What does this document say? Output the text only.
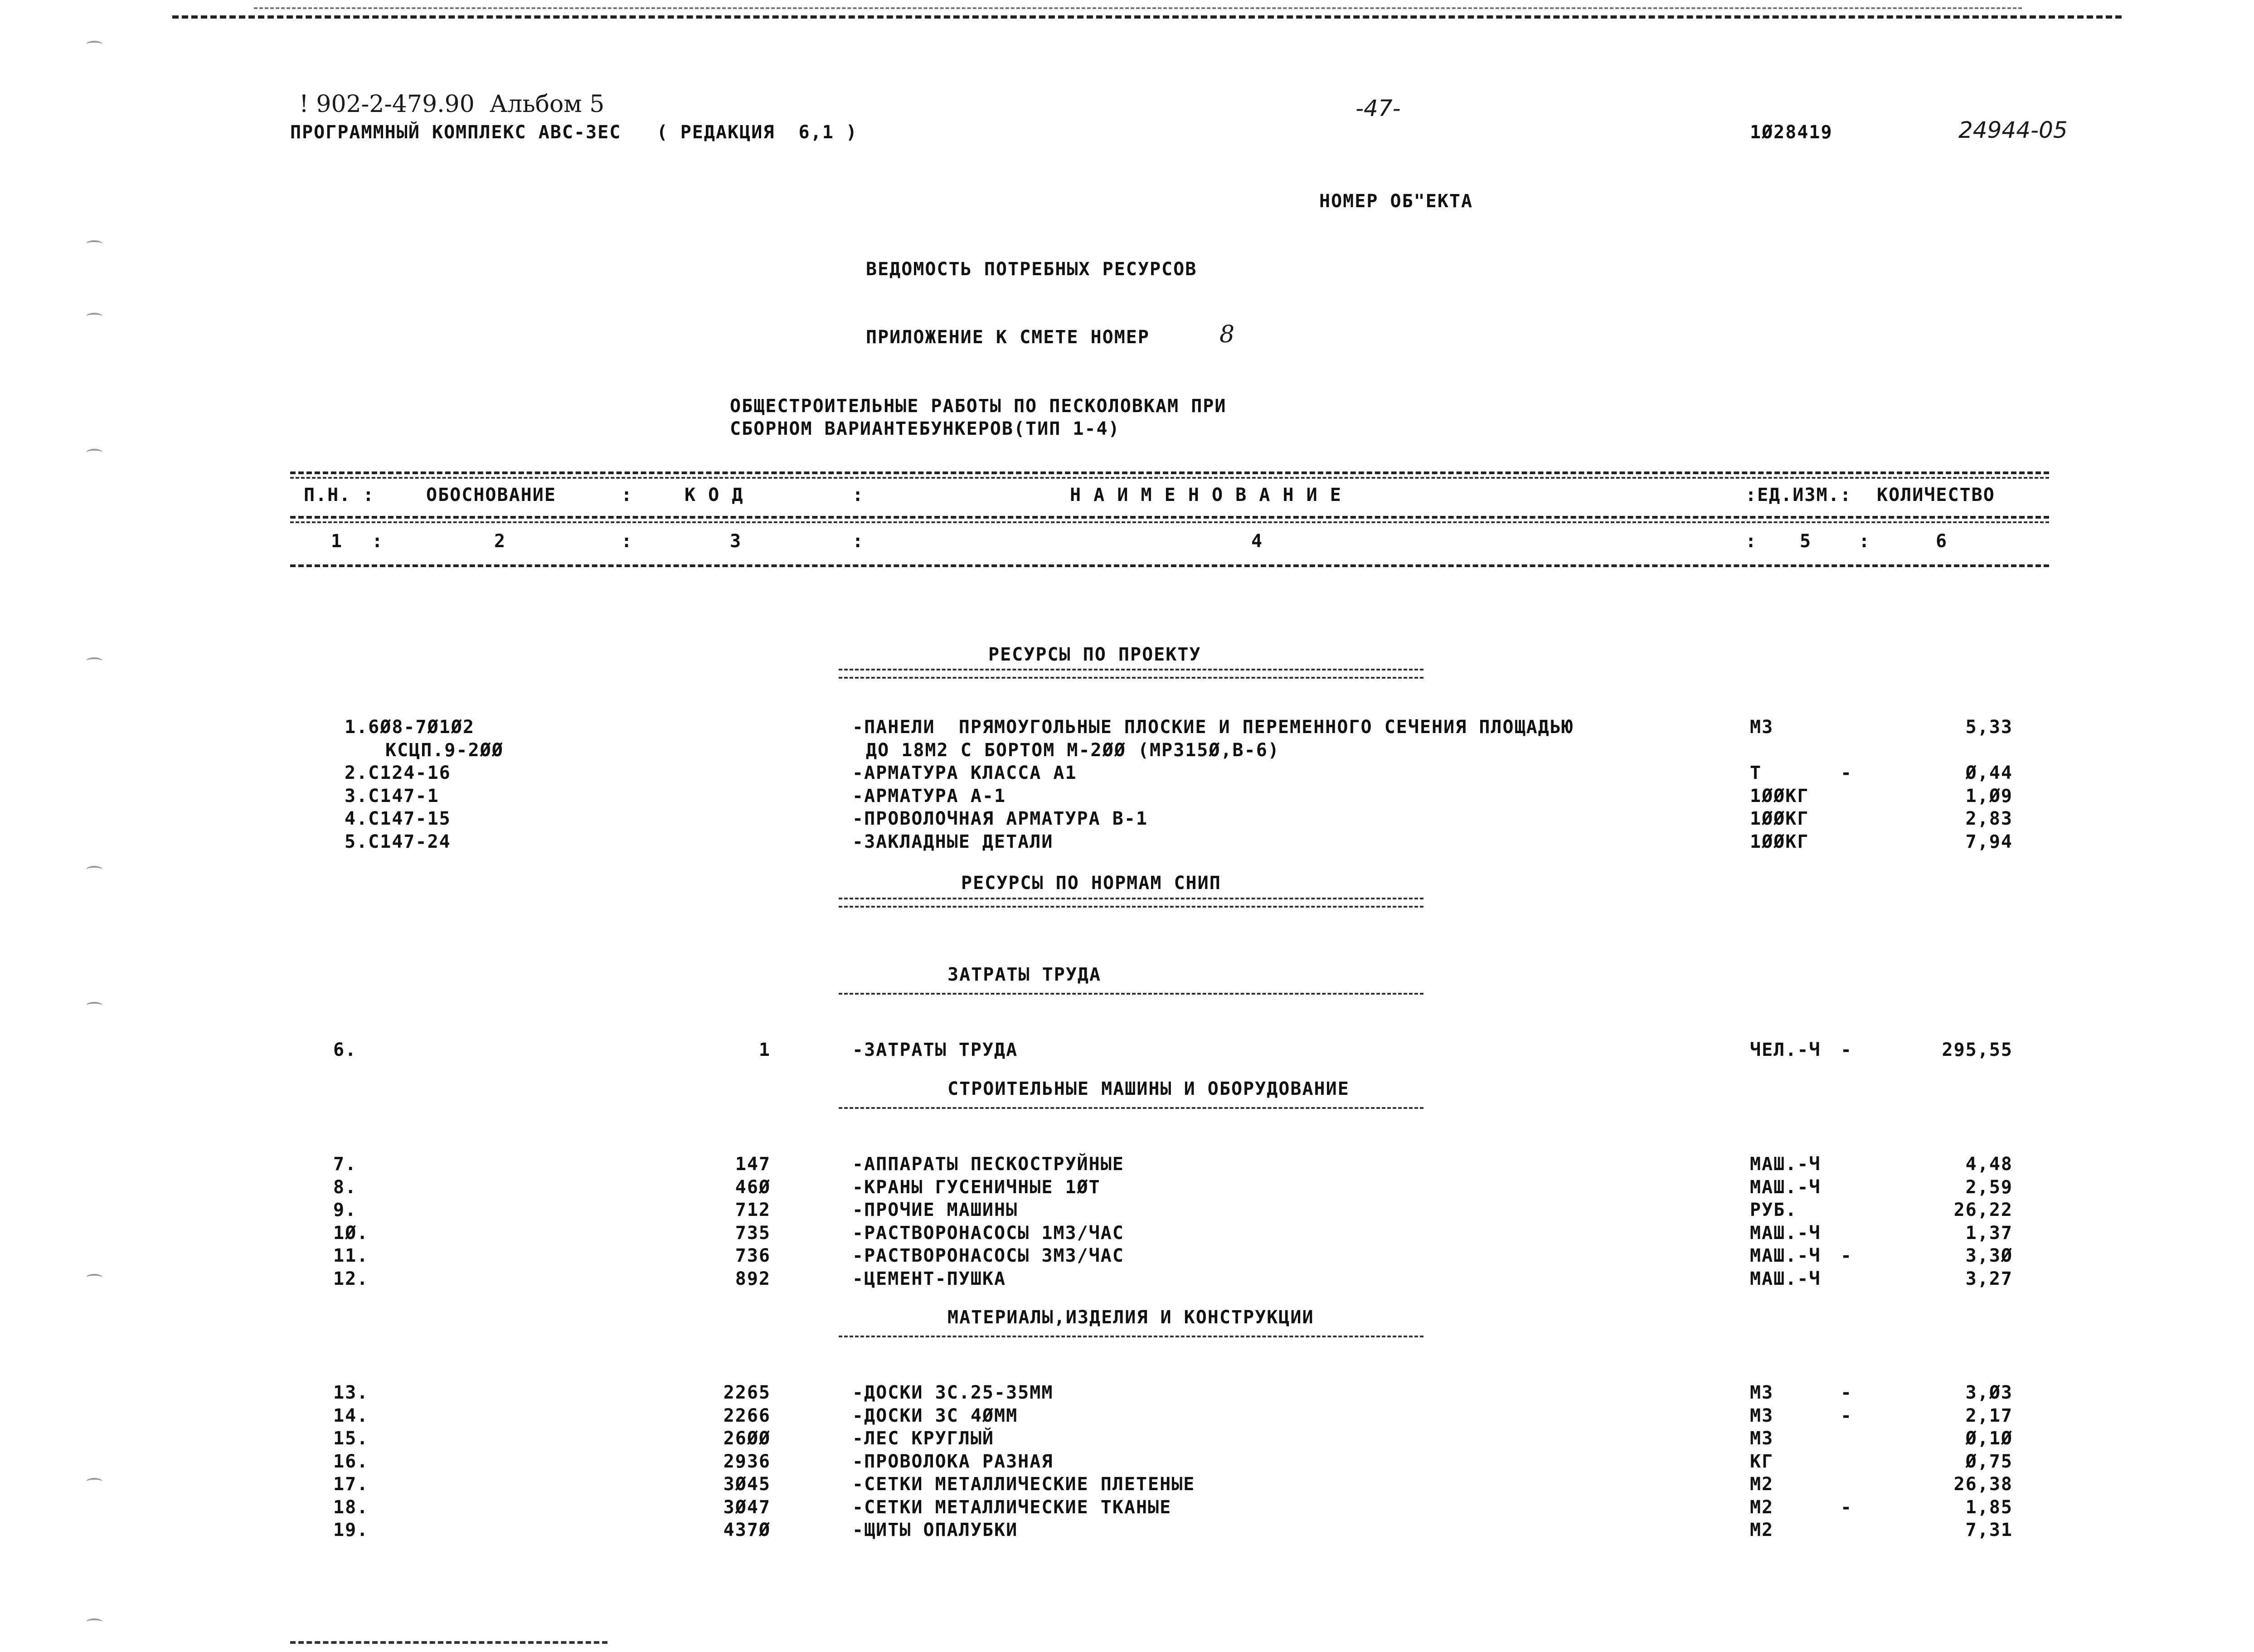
! 902-2-479.90  Альбом 5
ПРОГРАММНЫЙ КОМПЛЕКС АВС-3ЕС   ( РЕДАКЦИЯ  6,1 )
-47-
1Ø28419	24944-05
НОМЕР ОБ"ЕКТА
ВЕДОМОСТЬ ПОТРЕБНЫХ РЕСУРСОВ
ПРИЛОЖЕНИЕ К СМЕТЕ НОМЕР	8
ОБЩЕСТРОИТЕЛЬНЫЕ РАБОТЫ ПО ПЕСКОЛОВКАМ ПРИ
СБОРНОМ ВАРИАНТЕБУНКЕРОВ(ТИП 1-4)
П.Н. :	ОБОСНОВАНИЕ	:	К О Д	:	Н А И М Е Н О В А Н И Е	:ЕД.ИЗМ.: КОЛИЧЕСТВО
1 :	2	:	3	:	4	: 5	:	6
РЕСУРСЫ ПО ПРОЕКТУ
1.6Ø8-7Ø1Ø2	-ПАНЕЛИ  ПРЯМОУГОЛЬНЫЕ ПЛОСКИЕ И ПЕРЕМЕННОГО СЕЧЕНИЯ ПЛОЩАДЬЮ	М3	5,33
КСЦП.9-2ØØ	ДО 18М2 С БОРТОМ М-2ØØ (МР315Ø,В-6)
2.С124-16	-АРМАТУРА КЛАССА А1	Т	-	Ø,44
3.С147-1	-АРМАТУРА А-1	1ØØКГ	1,Ø9
4.С147-15	-ПРОВОЛОЧНАЯ АРМАТУРА В-1	1ØØКГ	2,83
5.С147-24	-ЗАКЛАДНЫЕ ДЕТАЛИ	1ØØКГ	7,94
РЕСУРСЫ ПО НОРМАМ СНИП
ЗАТРАТЫ ТРУДА
6.	1	-ЗАТРАТЫ ТРУДА	ЧЕЛ.-Ч -	295,55
СТРОИТЕЛЬНЫЕ МАШИНЫ И ОБОРУДОВАНИЕ
7.	147	-АППАРАТЫ ПЕСКОСТРУЙНЫЕ	МАШ.-Ч	4,48
8.	46Ø	-КРАНЫ ГУСЕНИЧНЫЕ 1ØТ	МАШ.-Ч	2,59
9.	712	-ПРОЧИЕ МАШИНЫ	РУБ.	26,22
1Ø.	735	-РАСТВОРОНАСОСЫ 1М3/ЧАС	МАШ.-Ч	1,37
11.	736	-РАСТВОРОНАСОСЫ 3М3/ЧАС	МАШ.-Ч -	3,3Ø
12.	892	-ЦЕМЕНТ-ПУШКА	МАШ.-Ч	3,27
МАТЕРИАЛЫ,ИЗДЕЛИЯ И КОНСТРУКЦИИ
13.	2265	-ДОСКИ 3С.25-35ММ	М3	-	3,Ø3
14.	2266	-ДОСКИ 3С 4ØММ	М3	-	2,17
15.	26ØØ	-ЛЕС КРУГЛЫЙ	М3	Ø,1Ø
16.	2936	-ПРОВОЛОКА РАЗНАЯ	КГ	Ø,75
17.	3Ø45	-СЕТКИ МЕТАЛЛИЧЕСКИЕ ПЛЕТЕНЫЕ	М2	26,38
18.	3Ø47	-СЕТКИ МЕТАЛЛИЧЕСКИЕ ТКАНЫЕ	М2	-	1,85
19.	437Ø	-ЩИТЫ ОПАЛУБКИ	М2	7,31
